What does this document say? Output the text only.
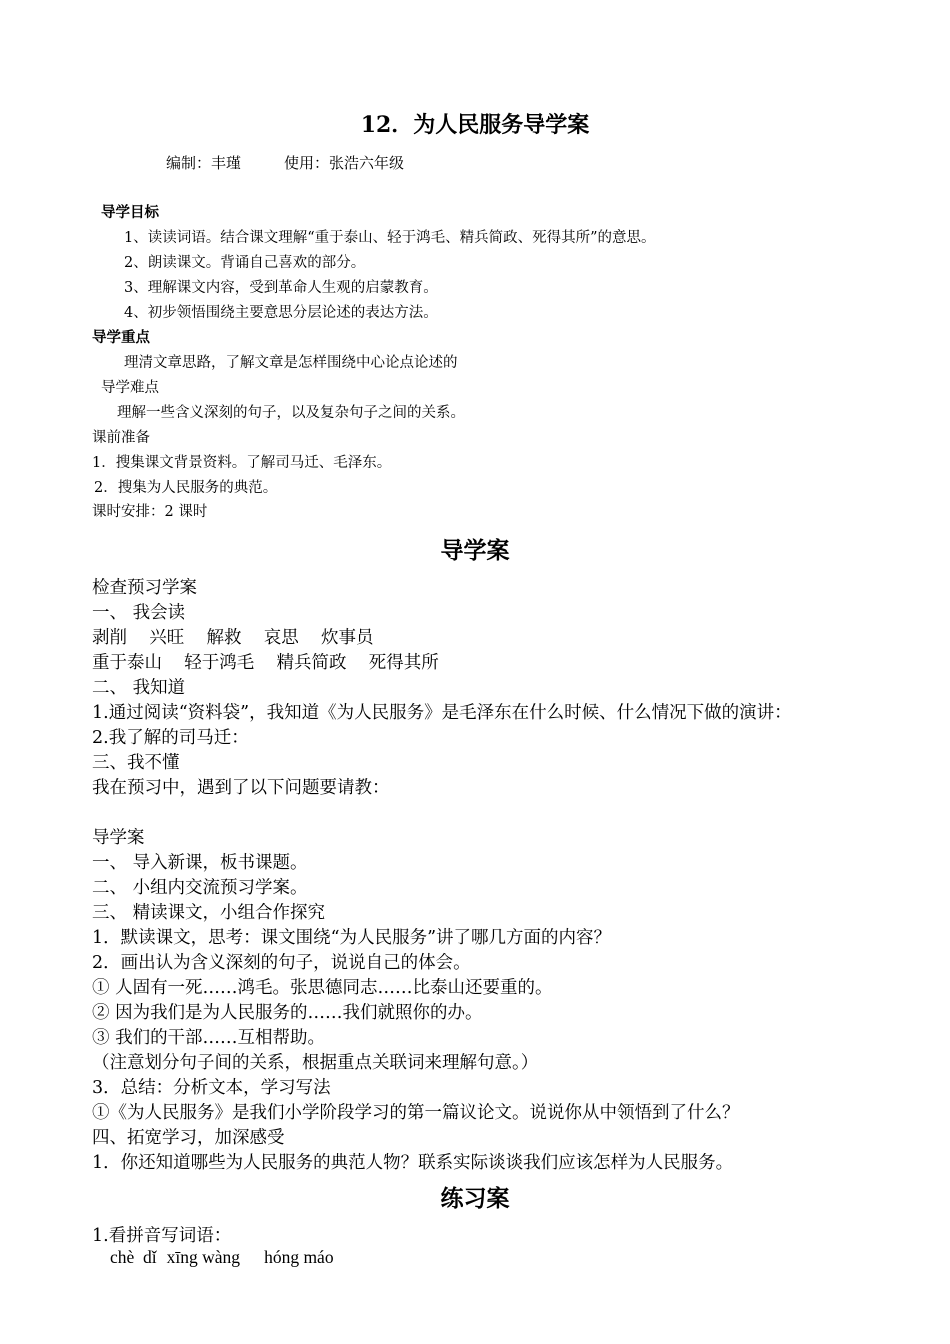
12．为人民服务导学案
编制：丰瑾	使用：张浩六年级
导学目标
1、读读词语。结合课文理解“重于泰山、轻于鸿毛、精兵简政、死得其所”的意思。
2、朗读课文。背诵自己喜欢的部分。
3、理解课文内容，受到革命人生观的启蒙教育。
4、初步领悟围绕主要意思分层论述的表达方法。
导学重点
理清文章思路，了解文章是怎样围绕中心论点论述的
导学难点
理解一些含义深刻的句子，以及复杂句子之间的关系。
课前准备
1．搜集课文背景资料。了解司马迁、毛泽东。
2．搜集为人民服务的典范。
课时安排：2 课时
导学案
检查预习学案
一、 我会读
剥削    兴旺    解救    哀思    炊事员
重于泰山    轻于鸿毛    精兵简政    死得其所
二、 我知道
1.通过阅读“资料袋”，我知道《为人民服务》是毛泽东在什么时候、什么情况下做的演讲：
2.我了解的司马迁：
三、我不懂
我在预习中，遇到了以下问题要请教：
导学案
一、 导入新课，板书课题。
二、 小组内交流预习学案。
三、 精读课文，小组合作探究
1．默读课文，思考：课文围绕“为人民服务”讲了哪几方面的内容？
2．画出认为含义深刻的句子，说说自己的体会。
① 人固有一死……鸿毛。张思德同志……比泰山还要重的。
② 因为我们是为人民服务的……我们就照你的办。
③ 我们的干部……互相帮助。
（注意划分句子间的关系，根据重点关联词来理解句意。）
3．总结：分析文本，学习写法
①《为人民服务》是我们小学阶段学习的第一篇议论文。说说你从中领悟到了什么？
四、拓宽学习，加深感受
1．你还知道哪些为人民服务的典范人物？联系实际谈谈我们应该怎样为人民服务。
练习案
1.看拼音写词语：
chè  dǐ xīng wàng hóng máo
